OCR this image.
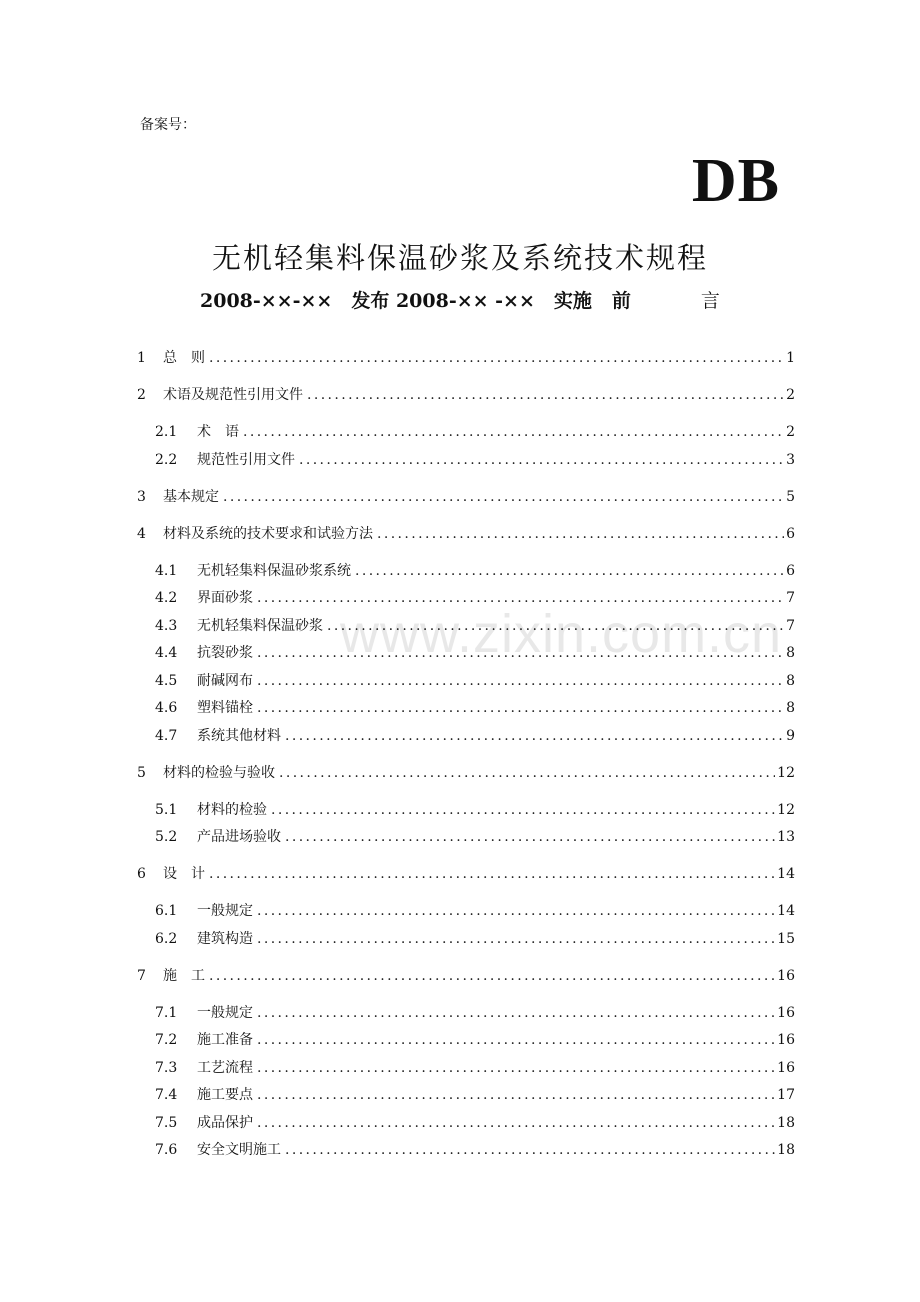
备案号：
DB
无机轻集料保温砂浆及系统技术规程
2008-××-××　发布 2008-×× -××　实施 前	言
www.zixin.com.cn
1	总　则 .....	1
2	术语及规范性引用文件 .....	2
2.1	术　语 .....	2
2.2	规范性引用文件 .....	3
3	基本规定 .....	5
4	材料及系统的技术要求和试验方法 .....	6
4.1	无机轻集料保温砂浆系统 .....	6
4.2	界面砂浆 .....	7
4.3	无机轻集料保温砂浆 .....	7
4.4	抗裂砂浆 .....	8
4.5	耐碱网布 .....	8
4.6	塑料锚栓 .....	8
4.7	系统其他材料 .....	9
5	材料的检验与验收 .....	12
5.1	材料的检验 .....	12
5.2	产品进场验收 .....	13
6	设　计 .....	14
6.1	一般规定 .....	14
6.2	建筑构造 .....	15
7	施　工 .....	16
7.1	一般规定 .....	16
7.2	施工准备 .....	16
7.3	工艺流程 .....	16
7.4	施工要点 .....	17
7.5	成品保护 .....	18
7.6	安全文明施工 .....	18
